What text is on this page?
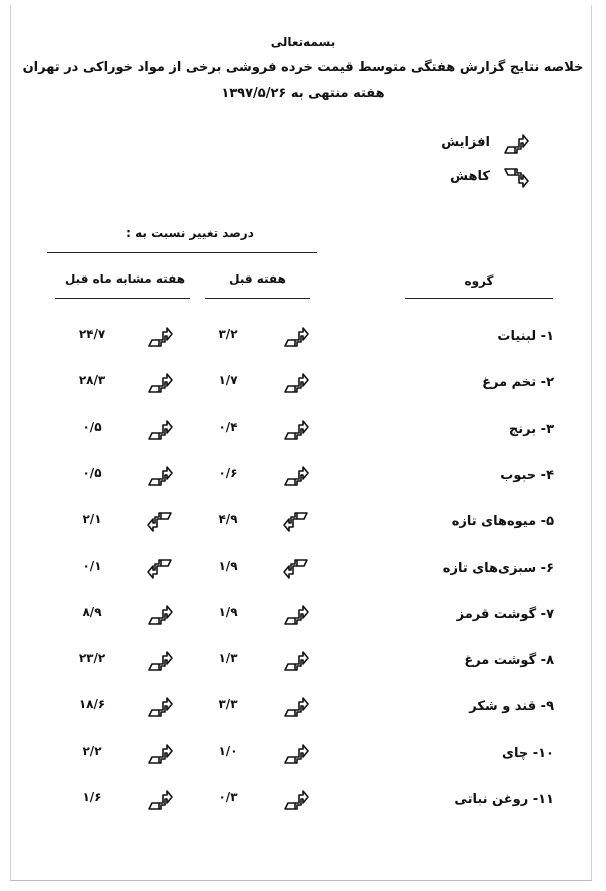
بسمه‌تعالی
خلاصه نتایج گزارش هفتگی متوسط قیمت خرده فروشی برخی از مواد خوراکی در تهران
هفته منتهی به ۱۳۹۷/۵/۲۶
افزایش
کاهش
درصد تغییر نسبت به :
هفته مشابه ماه قبل	هفته قبل	گروه
۲۴/۷	۳/۲	۱- لبنیات
۲۸/۳	۱/۷	۲- تخم مرغ
۰/۵	۰/۴	۳- برنج
۰/۵	۰/۶	۴- حبوب
۲/۱	۴/۹	۵- میوه‌های تازه
۰/۱	۱/۹	۶- سبزی‌های تازه
۸/۹	۱/۹	۷- گوشت قرمز
۲۳/۲	۱/۳	۸- گوشت مرغ
۱۸/۶	۳/۳	۹- قند و شکر
۲/۲	۱/۰	۱۰- چای
۱/۶	۰/۳	۱۱- روغن نباتی
